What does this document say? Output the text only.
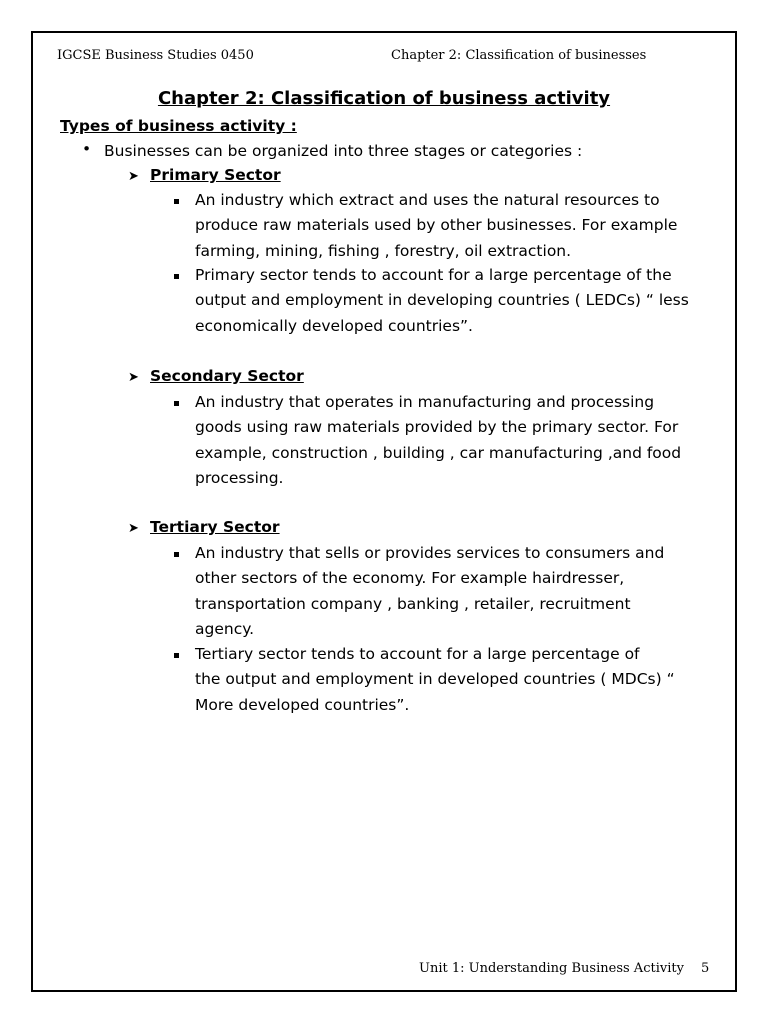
IGCSE Business Studies 0450	Chapter 2: Classification of businesses
Chapter 2: Classification of business activity
Types of business activity :
• Businesses can be organized into three stages or categories :
➤ Primary Sector
An industry which extract and uses the natural resources to
produce raw materials used by other businesses. For example
farming, mining, fishing , forestry, oil extraction.
Primary sector tends to account for a large percentage of the
output and employment in developing countries ( LEDCs) “ less
economically developed countries”.
➤ Secondary Sector
An industry that operates in manufacturing and processing
goods using raw materials provided by the primary sector. For
example, construction , building , car manufacturing ,and food
processing.
➤ Tertiary Sector
An industry that sells or provides services to consumers and
other sectors of the economy. For example hairdresser,
transportation company , banking , retailer, recruitment
agency.
Tertiary sector tends to account for a large percentage of
the output and employment in developed countries ( MDCs) “
More developed countries”.
Unit 1: Understanding Business Activity 5
